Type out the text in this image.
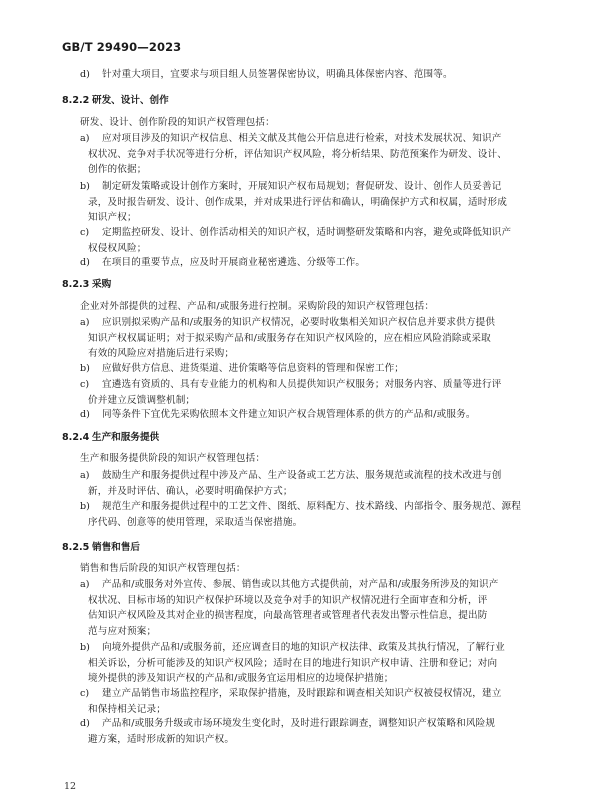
GB/T 29490—2023
d) 针对重大项目，宜要求与项目组人员签署保密协议，明确具体保密内容、范围等。
8.2.2 研发、设计、创作
研发、设计、创作阶段的知识产权管理包括：
a) 应对项目涉及的知识产权信息、相关文献及其他公开信息进行检索，对技术发展状况、知识产
权状况、竞争对手状况等进行分析，评估知识产权风险，将分析结果、防范预案作为研发、设计、
创作的依据；
b) 制定研发策略或设计创作方案时，开展知识产权布局规划；督促研发、设计、创作人员妥善记
录，及时报告研发、设计、创作成果，并对成果进行评估和确认，明确保护方式和权属，适时形成
知识产权；
c) 定期监控研发、设计、创作活动相关的知识产权，适时调整研发策略和内容，避免或降低知识产
权侵权风险；
d) 在项目的重要节点，应及时开展商业秘密遴选、分级等工作。
8.2.3 采购
企业对外部提供的过程、产品和/或服务进行控制。采购阶段的知识产权管理包括：
a) 应识别拟采购产品和/或服务的知识产权情况，必要时收集相关知识产权信息并要求供方提供
知识产权权属证明；对于拟采购产品和/或服务存在知识产权风险的，应在相应风险消除或采取
有效的风险应对措施后进行采购；
b) 应做好供方信息、进货渠道、进价策略等信息资料的管理和保密工作；
c) 宜遴选有资质的、具有专业能力的机构和人员提供知识产权服务；对服务内容、质量等进行评
价并建立反馈调整机制；
d) 同等条件下宜优先采购依照本文件建立知识产权合规管理体系的供方的产品和/或服务。
8.2.4 生产和服务提供
生产和服务提供阶段的知识产权管理包括：
a) 鼓励生产和服务提供过程中涉及产品、生产设备或工艺方法、服务规范或流程的技术改进与创
新，并及时评估、确认，必要时明确保护方式；
b) 规范生产和服务提供过程中的工艺文件、图纸、原料配方、技术路线、内部指令、服务规范、源程
序代码、创意等的使用管理，采取适当保密措施。
8.2.5 销售和售后
销售和售后阶段的知识产权管理包括：
a) 产品和/或服务对外宣传、参展、销售或以其他方式提供前，对产品和/或服务所涉及的知识产
权状况、目标市场的知识产权保护环境以及竞争对手的知识产权情况进行全面审查和分析，评
估知识产权风险及其对企业的损害程度，向最高管理者或管理者代表发出警示性信息，提出防
范与应对预案；
b) 向境外提供产品和/或服务前，还应调查目的地的知识产权法律、政策及其执行情况，了解行业
相关诉讼，分析可能涉及的知识产权风险；适时在目的地进行知识产权申请、注册和登记；对向
境外提供的涉及知识产权的产品和/或服务宜运用相应的边境保护措施；
c) 建立产品销售市场监控程序，采取保护措施，及时跟踪和调查相关知识产权被侵权情况，建立
和保持相关记录；
d) 产品和/或服务升级或市场环境发生变化时，及时进行跟踪调查，调整知识产权策略和风险规
避方案，适时形成新的知识产权。
12
